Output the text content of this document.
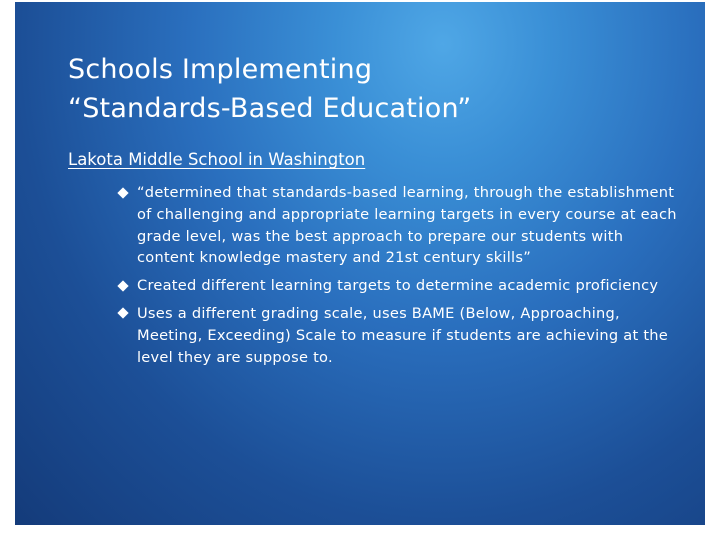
Schools Implementing
“Standards-Based Education”
Lakota Middle School in Washington
“determined that standards-based learning, through the establishment of challenging and appropriate learning targets in every course at each grade level, was the best approach to prepare our students with content knowledge mastery and 21st century skills”
Created different learning targets to determine academic proficiency
Uses a different grading scale, uses BAME (Below, Approaching, Meeting, Exceeding) Scale to measure if students are achieving at the level they are suppose to.
